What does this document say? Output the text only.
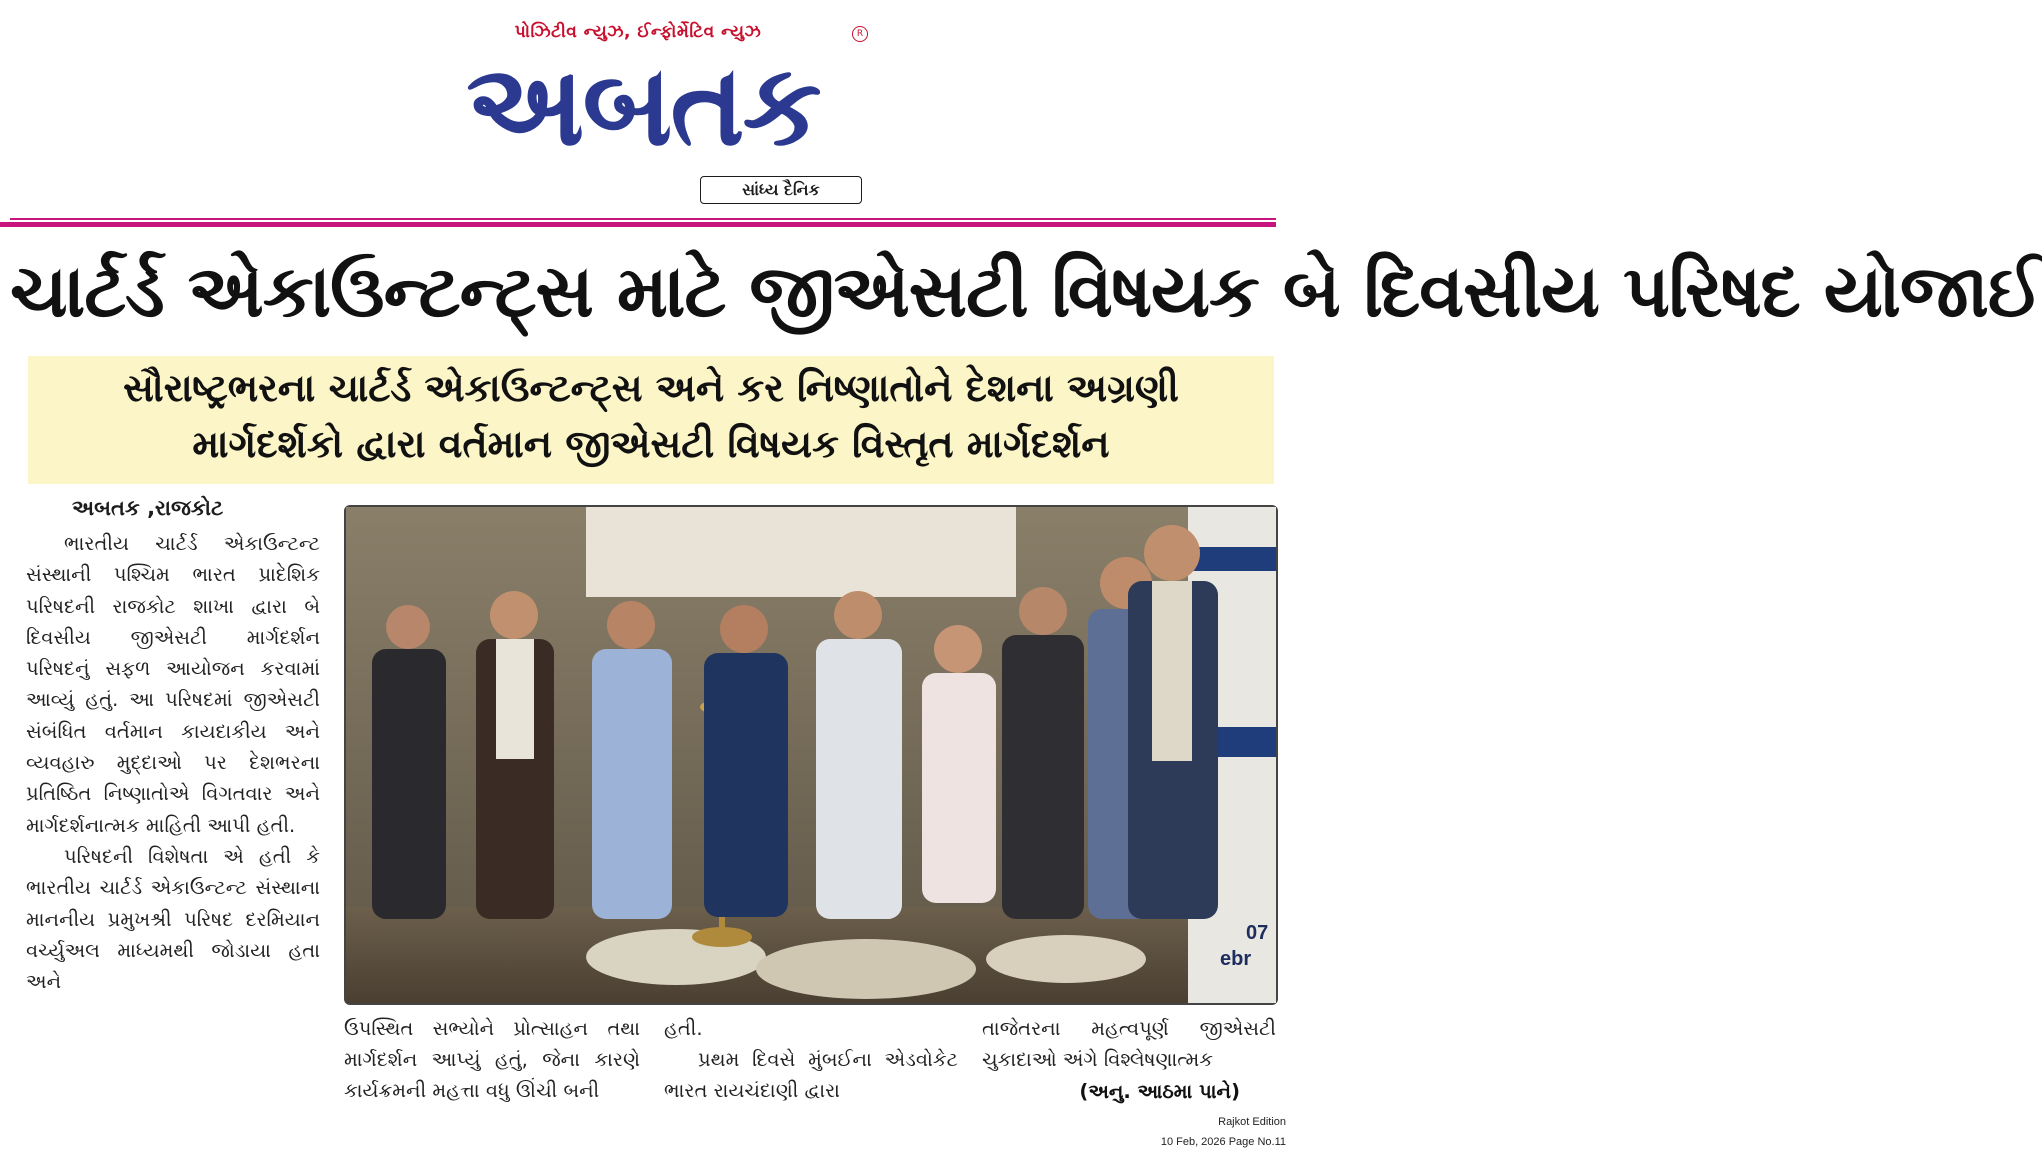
પોઝિટીવ ન્યુઝ, ઈન્ફોર્મેટિવ ન્યુઝ	R
અબતક
સાંધ્ય દૈનિક
ચાર્ટર્ડ એકાઉન્ટન્ટ્સ માટે જીએસટી વિષયક બે દિવસીય પરિષદ યોજાઈ
સૌરાષ્ટ્રભરના ચાર્ટર્ડ એકાઉન્ટન્ટ્સ અને કર નિષ્ણાતોને દેશના અગ્રણી
માર્ગદર્શકો દ્વારા વર્તમાન જીએસટી વિષયક વિસ્તૃત માર્ગદર્શન
અબતક ,રાજકોટ

ભારતીય ચાર્ટર્ડ એકાઉન્ટન્ટ સંસ્થાની પશ્ચિમ ભારત પ્રાદેશિક પરિષદની રાજકોટ શાખા દ્વારા બે દિવસીય જીએસટી માર્ગદર્શન પરિષદનું સફળ આયોજન કરવામાં આવ્યું હતું. આ પરિષદમાં જીએસટી સંબંધિત વર્તમાન કાયદાકીય અને વ્યવહારુ મુદ્દાઓ પર દેશભરના પ્રતિષ્ઠિત નિષ્ણાતોએ વિગતવાર અને માર્ગદર્શનાત્મક માહિતી આપી હતી.

પરિષદની વિશેષતા એ હતી કે ભારતીય ચાર્ટર્ડ એકાઉન્ટન્ટ સંસ્થાના માનનીય પ્રમુખશ્રી પરિષદ દરમિયાન વર્ચ્યુઅલ માધ્યમથી જોડાયા હતા અને

07
ebr

ઉપસ્થિત સભ્યોને પ્રોત્સાહન તથા માર્ગદર્શન આપ્યું હતું, જેના કારણે કાર્યક્રમની મહત્તા વધુ ઊંચી બની

હતી.

પ્રથમ દિવસે મુંબઈના એડવોકેટ ભારત રાયચંદાણી દ્વારા

તાજેતરના મહત્વપૂર્ણ જીએસટી ચુકાદાઓ અંગે વિશ્લેષણાત્મક

(અનુ. આઠમા પાને)
Rajkot Edition
10 Feb, 2026 Page No.11
